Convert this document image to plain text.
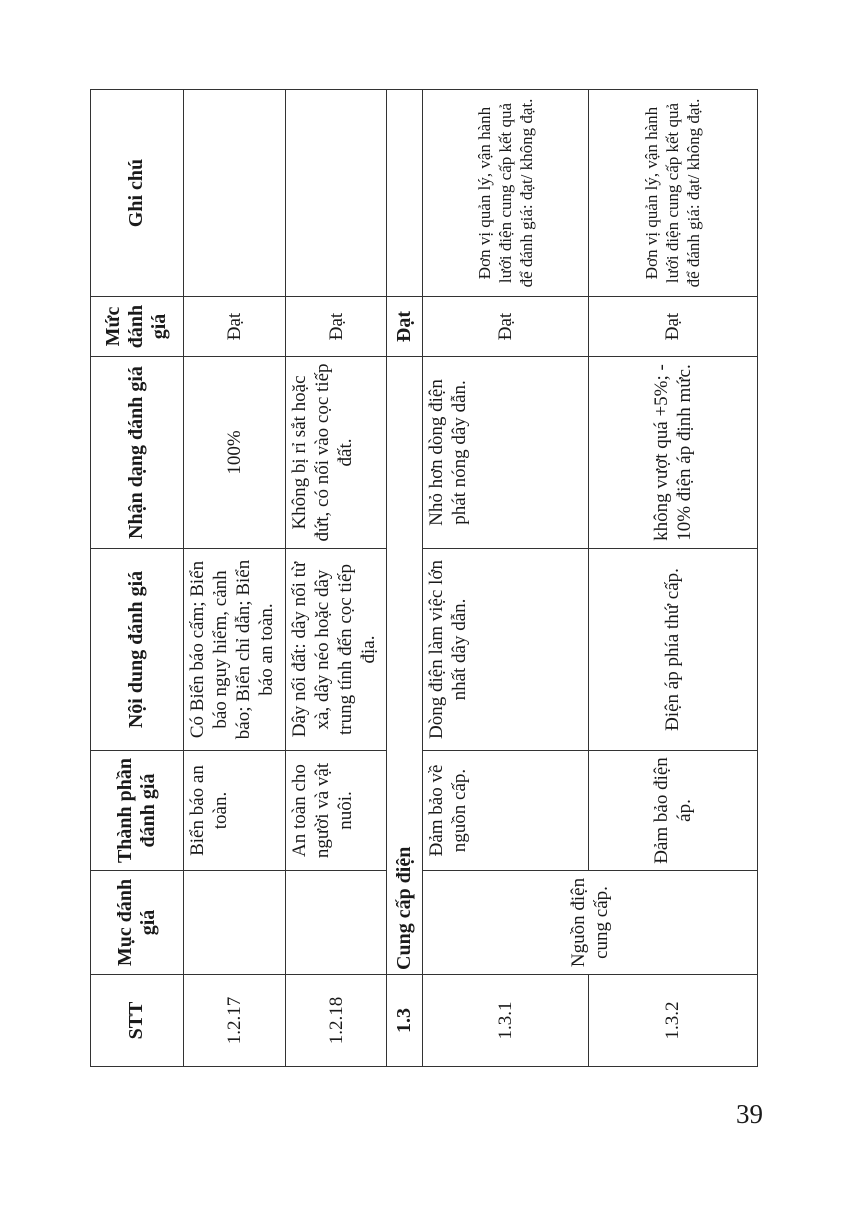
STT	Mục đánh giá	Thành phần đánh giá	Nội dung đánh giá	Nhận dạng đánh giá	Mức đánh giá	Ghi chú
1.2.17		Biển báo an toàn.	Có Biển báo cấm; Biển báo nguy hiểm, cảnh báo; Biển chỉ dẫn; Biển báo an toàn.	100%	Đạt	
1.2.18		An toàn cho người và vật nuôi.	Dây nối đất: dây nối từ xà, dây néo hoặc dây trung tính đến cọc tiếp địa.	Không bị rỉ sắt hoặc đứt, có nối vào cọc tiếp đất.	Đạt	
1.3	Cung cấp điện				Đạt	
1.3.1	Nguồn điện cung cấp.	Đảm bảo về nguồn cấp.	Dòng điện làm việc lớn nhất dây dẫn.	Nhỏ hơn dòng điện phát nóng dây dẫn.	Đạt	Đơn vị quản lý, vận hành lưới điện cung cấp kết quả để đánh giá: đạt/ không đạt.
1.3.2		Đảm bảo điện áp.	Điện áp phía thứ cấp.	không vượt quá +5%; - 10% điện áp định mức.	Đạt	Đơn vị quản lý, vận hành lưới điện cung cấp kết quả để đánh giá: đạt/ không đạt.
39
